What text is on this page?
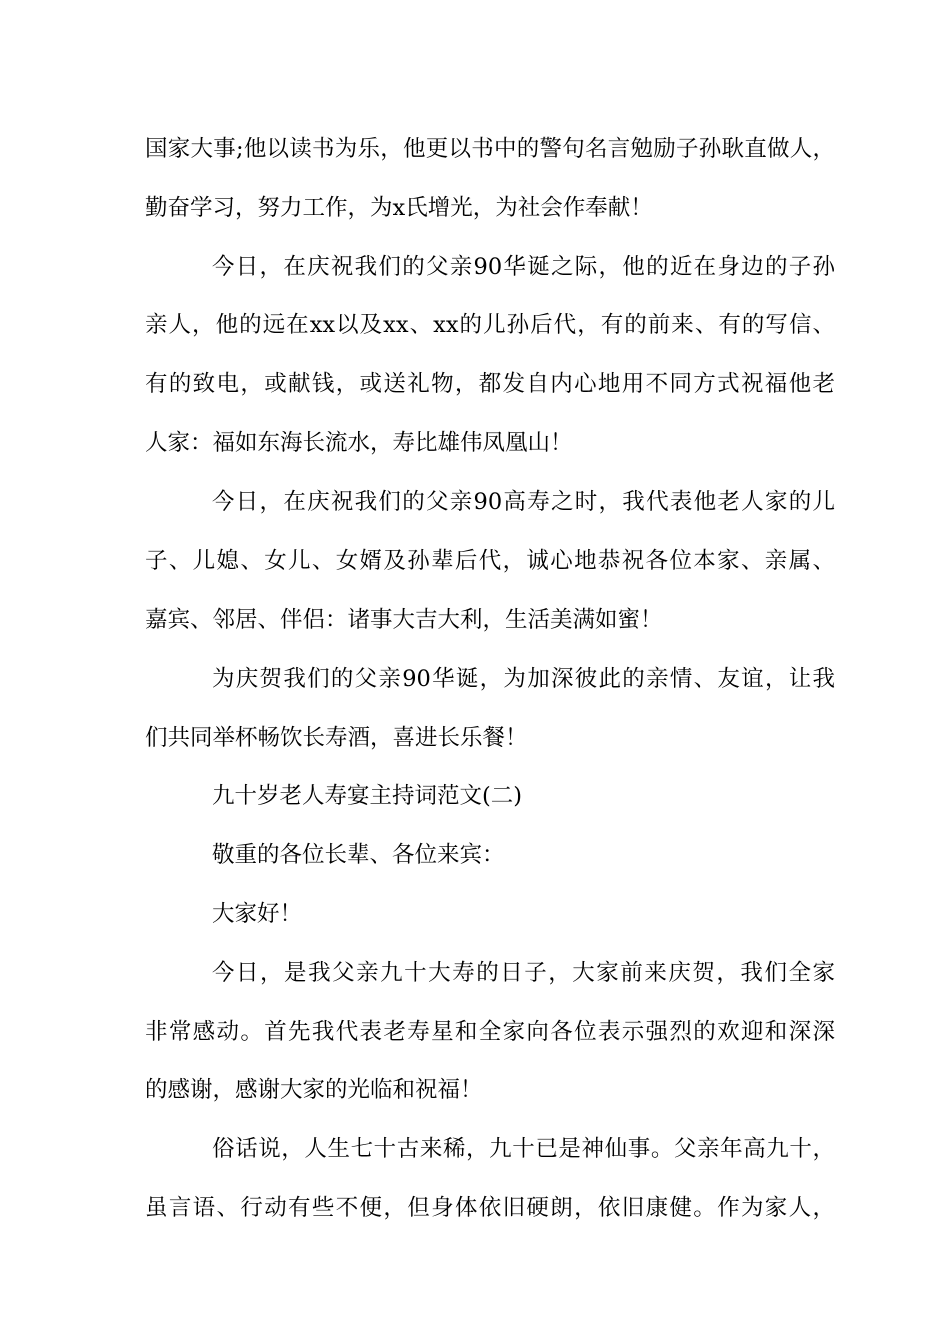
国家大事;他以读书为乐，他更以书中的警句名言勉励子孙耿直做人，
勤奋学习，努力工作，为x氏增光，为社会作奉献！
今日，在庆祝我们的父亲90华诞之际，他的近在身边的子孙
亲人，他的远在xx以及xx、xx的儿孙后代，有的前来、有的写信、
有的致电，或献钱，或送礼物，都发自内心地用不同方式祝福他老
人家：福如东海长流水，寿比雄伟凤凰山！
今日，在庆祝我们的父亲90高寿之时，我代表他老人家的儿
子、儿媳、女儿、女婿及孙辈后代，诚心地恭祝各位本家、亲属、
嘉宾、邻居、伴侣：诸事大吉大利，生活美满如蜜！
为庆贺我们的父亲90华诞，为加深彼此的亲情、友谊，让我
们共同举杯畅饮长寿酒，喜进长乐餐！
九十岁老人寿宴主持词范文(二)
敬重的各位长辈、各位来宾：
大家好！
今日，是我父亲九十大寿的日子，大家前来庆贺，我们全家
非常感动。首先我代表老寿星和全家向各位表示强烈的欢迎和深深
的感谢，感谢大家的光临和祝福！
俗话说，人生七十古来稀，九十已是神仙事。父亲年高九十，
虽言语、行动有些不便，但身体依旧硬朗，依旧康健。作为家人，
